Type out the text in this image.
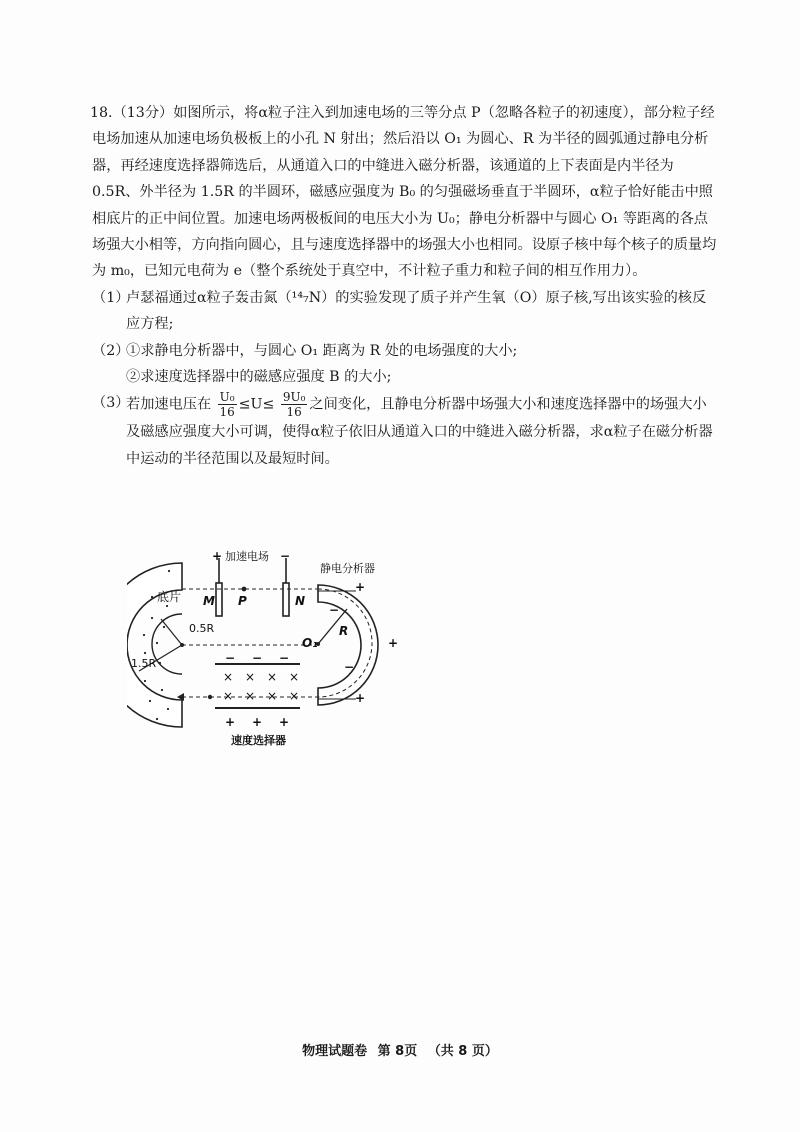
18.（13分）如图所示，将α粒子注入到加速电场的三等分点 P（忽略各粒子的初速度），部分粒子经电场加速从加速电场负极板上的小孔 N 射出；然后沿以 O₁ 为圆心、R 为半径的圆弧通过静电分析器，再经速度选择器筛选后，从通道入口的中缝进入磁分析器，该通道的上下表面是内半径为 0.5R、外半径为 1.5R 的半圆环，磁感应强度为 B₀ 的匀强磁场垂直于半圆环，α粒子恰好能击中照相底片的正中间位置。加速电场两极板间的电压大小为 U₀；静电分析器中与圆心 O₁ 等距离的各点场强大小相等，方向指向圆心，且与速度选择器中的场强大小也相同。设原子核中每个核子的质量均为 m₀，已知元电荷为 e（整个系统处于真空中，不计粒子重力和粒子间的相互作用力）。

（1）
卢瑟福通过α粒子轰击氮（¹⁴₇N）的实验发现了质子并产生氧（O）原子核,写出该实验的核反应方程;
（2）
①求静电分析器中，与圆心 O₁ 距离为 R 处的电场强度的大小;
②求速度选择器中的磁感应强度 B 的大小;
（3）
若加速电压在 $\frac{\text{U₀}}{16} \le U\le \frac{\text{9U₀}}{16}$ 之间变化，且静电分析器中场强大小和速度选择器中的场强大小及磁感应强度大小可调，使得α粒子依旧从通道入口的中缝进入磁分析器，求α粒子在磁分析器中运动的半径范围以及最短时间。
+ 加速电场 −
静电分析器
底片 M P	N
0.5R
1.5R
O₁
R
−
−
+
+
+
− − −
× × × ×
× × × ×
+ + +
速度选择器
物理试题卷 第 8页 （共 8 页）
